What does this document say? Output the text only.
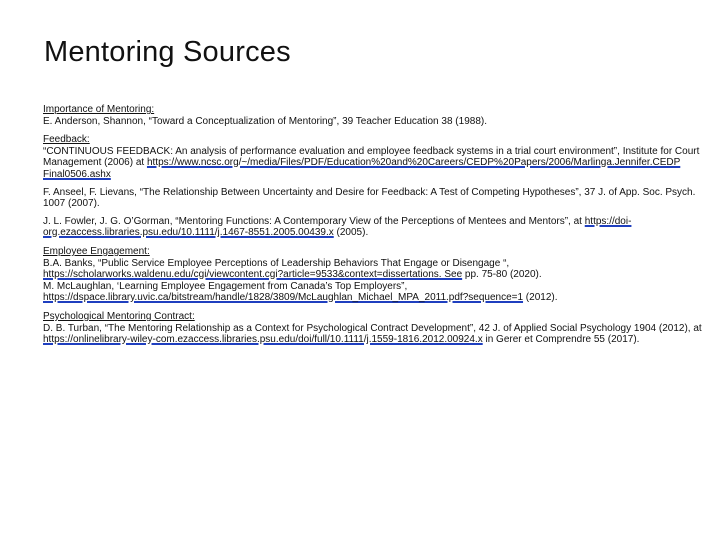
Mentoring Sources

Importance of Mentoring:

E. Anderson, Shannon, “Toward a Conceptualization of Mentoring”, 39 Teacher Education 38 (1988).

Feedback:

“CONTINUOUS FEEDBACK: An analysis of performance evaluation and employee feedback systems in a trial court environment”, Institute for Court Management (2006) at https://www.ncsc.org/~/media/Files/PDF/Education%20and%20Careers/CEDP%20Papers/2006/Marlinga.Jennifer.CEDP Final0506.ashx

F. Anseel, F. Lievans, “The Relationship Between Uncertainty and Desire for Feedback: A Test of Competing Hypotheses”, 37 J. of App. Soc. Psych. 1007 (2007).

J. L. Fowler, J. G. O’Gorman, “Mentoring Functions: A Contemporary View of the Perceptions of Mentees and Mentors”, at https://doi-org.ezaccess.libraries.psu.edu/10.1111/j.1467-8551.2005.00439.x (2005).

Employee Engagement:

B.A. Banks, “Public Service Employee Perceptions of Leadership Behaviors That Engage or Disengage “, https://scholarworks.waldenu.edu/cgi/viewcontent.cgi?article=9533&context=dissertations. See pp. 75-80 (2020).

M. McLaughlan, ‘Learning Employee Engagement from Canada’s Top Employers”, https://dspace.library.uvic.ca/bitstream/handle/1828/3809/McLaughlan_Michael_MPA_2011.pdf?sequence=1 (2012).

Psychological Mentoring Contract:

D. B. Turban, “The Mentoring Relationship as a Context for Psychological Contract Development”, 42 J. of Applied Social Psychology 1904 (2012), at https://onlinelibrary-wiley-com.ezaccess.libraries.psu.edu/doi/full/10.1111/j.1559-1816.2012.00924.x in Gerer et Comprendre 55 (2017).
